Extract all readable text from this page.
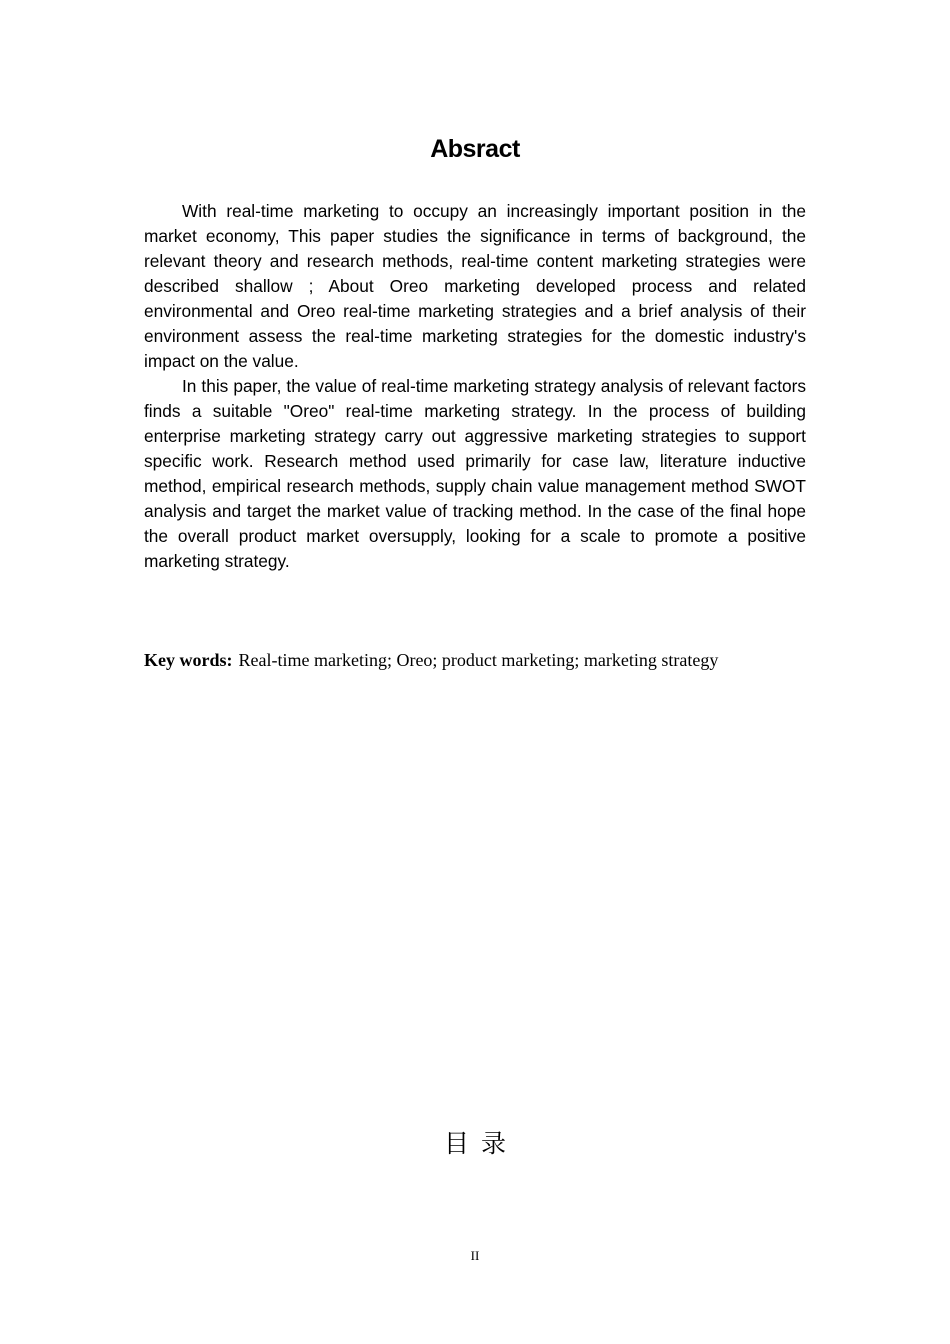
Absract

With real-time marketing to occupy an increasingly important position in the market economy, This paper studies the significance in terms of background, the relevant theory and research methods, real-time content marketing strategies were described shallow ; About Oreo marketing developed process and related environmental and Oreo real-time marketing strategies and a brief analysis of their environment assess the real-time marketing strategies for the domestic industry's impact on the value.

In this paper, the value of real-time marketing strategy analysis of relevant factors finds a suitable "Oreo" real-time marketing strategy. In the process of building enterprise marketing strategy carry out aggressive marketing strategies to support specific work. Research method used primarily for case law, literature inductive method, empirical research methods, supply chain value management method SWOT analysis and target the market value of tracking method. In the case of the final hope the overall product market oversupply, looking for a scale to promote a positive marketing strategy.

Key words: Real-time marketing; Oreo; product marketing; marketing strategy
目录
II
